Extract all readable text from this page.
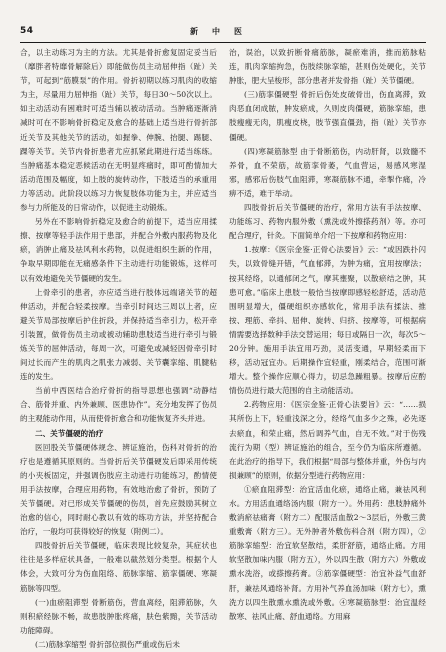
54	新中医

合，以主动练习为主的方法。尤其是骨折愈复固定妥当后（靡胖者特靡骨解除后）即能做伤员主动屈伸指（趾）关节，可起到“筋膜泵”的作用。骨折初期以练习肌肉的收缩为主，尽量用力屈伸指（趾）关节，每日30～50次以上。如主动活动有困难时可适当辅以被动活动。当肿痛逐渐消减时可在不影响骨折稳定及愈合的基础上适当进行骨折部近关节及其他关节的活动，如握拳、伸腕、抬腿、踢腿、踝等关节。关节内骨折患者尤应抓紧此期进行适当练练。当肿痛基本稳定恶候活动在无明显疼痛时，即可酌情加大活动范围及幅度，如上肢的旋转动作，下肢适当的承重用力等活动。此阶段以练习力恢复肢体功能为主，并应适当参与力所能及的日常动作，以促进主动锻炼。

另外在不影响骨折稳定及愈合的前提下，适当应用揉擦、按摩等轻手法作用于患部，并配合外敷内服药物及化瘀，消肿止痛及祛风利水药物，以促进组织生新的作用，争取早期即能在无痛感条件下主动进行功能锻炼，这样可以有效地避免关节僵硬的发生。

上骨牵引的患者，亦应适当进行肢体远端诸关节的超伸活动，并配合轻柔按摩。当牵引时间达三周以上者，应避关节局部按摩后护住折段，并保持适当牵引力，松开牵引装置，做骨伤员主动或被动辅助患肢适当进行牵引与锻炼关节的屈伸活动，每周一次，可避免或减轻因骨牵引时间过长而产生的肌肉之肌张力减弱、关节囊挛缩、肌腱粘连的发生。

当前中西医结合治疗骨折的指导思想也强调“动静结合、筋骨并重、内外兼顾、医患协作”。充分地发挥了伤员的主观能动作用，从而使骨折愈合和功能恢复齐头并进。

二、关节僵硬的治疗

医回股关节僵硬体规念、辨证施治，伤科对骨折的治疗也是遵循其原则的。当骨折后关节僵硬发后即采用传统的小夹板固定，并强调伤肢应主动进行功能练习，酌情使用手法按摩，合理应用药物，有效地治愈了骨折，预防了关节僵硬。对已形成关节僵硬的伤员，首先应鼓励其树立治愈的信心，同时耐心教以有效的练功方法，并坚持配合治疗，一般均可获得较好的恢复（附例二）。

四肢骨折后关节僵硬，临床表现比较复杂，其症状也往往是多样症状具备，一般难以截然划分类型。根据个人体会，大致可分为伤血阻络、筋脉挛缩、筋挛僵硬、寒凝筋脉等四型。

(一)血瘀阻滞型 骨断筋伤，营血离经，阻滞筋脉，久则积瘀经脉不畅，故患肢肿胀疼痛，肤色紫黯，关节活动功能障碍。

(二)筋脉挛缩型 骨折部位损伤严重或伤后未

治，误治，以致折断骨痛筋脉，凝瘀难消，推而筋脉粘连，肌肉挛缩拘急，伤肢续脉挛缩，甚则伤处硬化，关节肿胀，肥大呈梭形，部分患者并发骨指（趾）关节僵硬。

(三)筋挛僵硬型 骨折后伤处皮破骨出，伤血离滞，致肉恶血闭成脓，肿发瘀成，久则皮肉僵硬，筋脉挛缩，患肢瘦瘦无肉，肌瘦皮桡，肢节强直僵劲，指（趾）关节亦僵硬。

(四)寒凝筋脉型 由于骨断筋伤，内动肝肾，以致髓不养骨，血不荣筋，故筋挛骨萎，气血营运，易感风寒湿邪，感邪后伤肢气血阻滞，寒凝筋脉不通，牵掣作痛，冷痹不适，难于举动。

四肢骨折后关节僵硬的治疗，常用方法有手法按摩、功能练习、药物内服外敷（熏洗或外擦搽药剂）等。亦可配合理疗，针灸。下面简单介绍一下按摩和药物应用：

1.按摩：《医宗金鉴·正骨心法要旨》云：“或因跌扑闪失，以致骨缝开错，气血郁滞，为肿为痛，宜用按摩法；按其经络，以通郁闭之气，摩其壅聚，以散瘀结之肿，其患可愈。”临床上患肢一般恰当按摩即感轻松舒适，活动范围明显增大，僵硬组织亦感软化，常用手法有揉法、推按、理筋、牵抖、屈伸、旋转、归挤、按摩等，可根据病情需要选择数种手法交替运用；每日或隔日一次，每次5～20分钟。施用手法宜用巧劲，灵活变通，早期轻柔而下移，活动冠宜办。后期操作宜轻重，刚柔结合，范围可渐增大。整个操作应顺心得力，切忌急躁粗暴。按摩后应酌情伤员进行最大范围的自主动能活动。

2.药物应用：《医宗金鉴·正骨心法要旨》云：“……损其所伤上下，轻重浅深之分，经络气血多少之殊，必先逐去瘀血，和荣止痛，然后调养气血，自无不效。”对于伤残流行为期（型）辨证施治的组合，至今仍为临床所遵循。在此治疗的指导下，我们根据“局部与整体并重，外伤与内损兼顾”的原则，依据分型进行药物应用：

①瘀血阻滞型：治宜活血化瘀，通络止痛，兼祛风利水。方用活血通络汤内服（附方一）。外用药：患肢肿痛外敷消瘀祛痛膏（附方二）配服活血散2～3层后，外敷三黄重敷膏（附方三）。无外肿者外敷伤科合剂（附方四），②筋脉挛缩型：治宜软坚散结，柔肝舒筋，通络止痛。方用软坚散加味内服（附方五），外以四生散（附方六）外敷或熏水洗浴，或搽擦药膏。③筋挛僵硬型：治宜补益气血舒肝，兼祛风通络补肾。方用补气养血汤加味（附方七），熏洗方以四生散熏水熏洗或外敷。④寒凝筋脉型：治宜温经散寒、祛风止痛、舒血通络。方用麻
